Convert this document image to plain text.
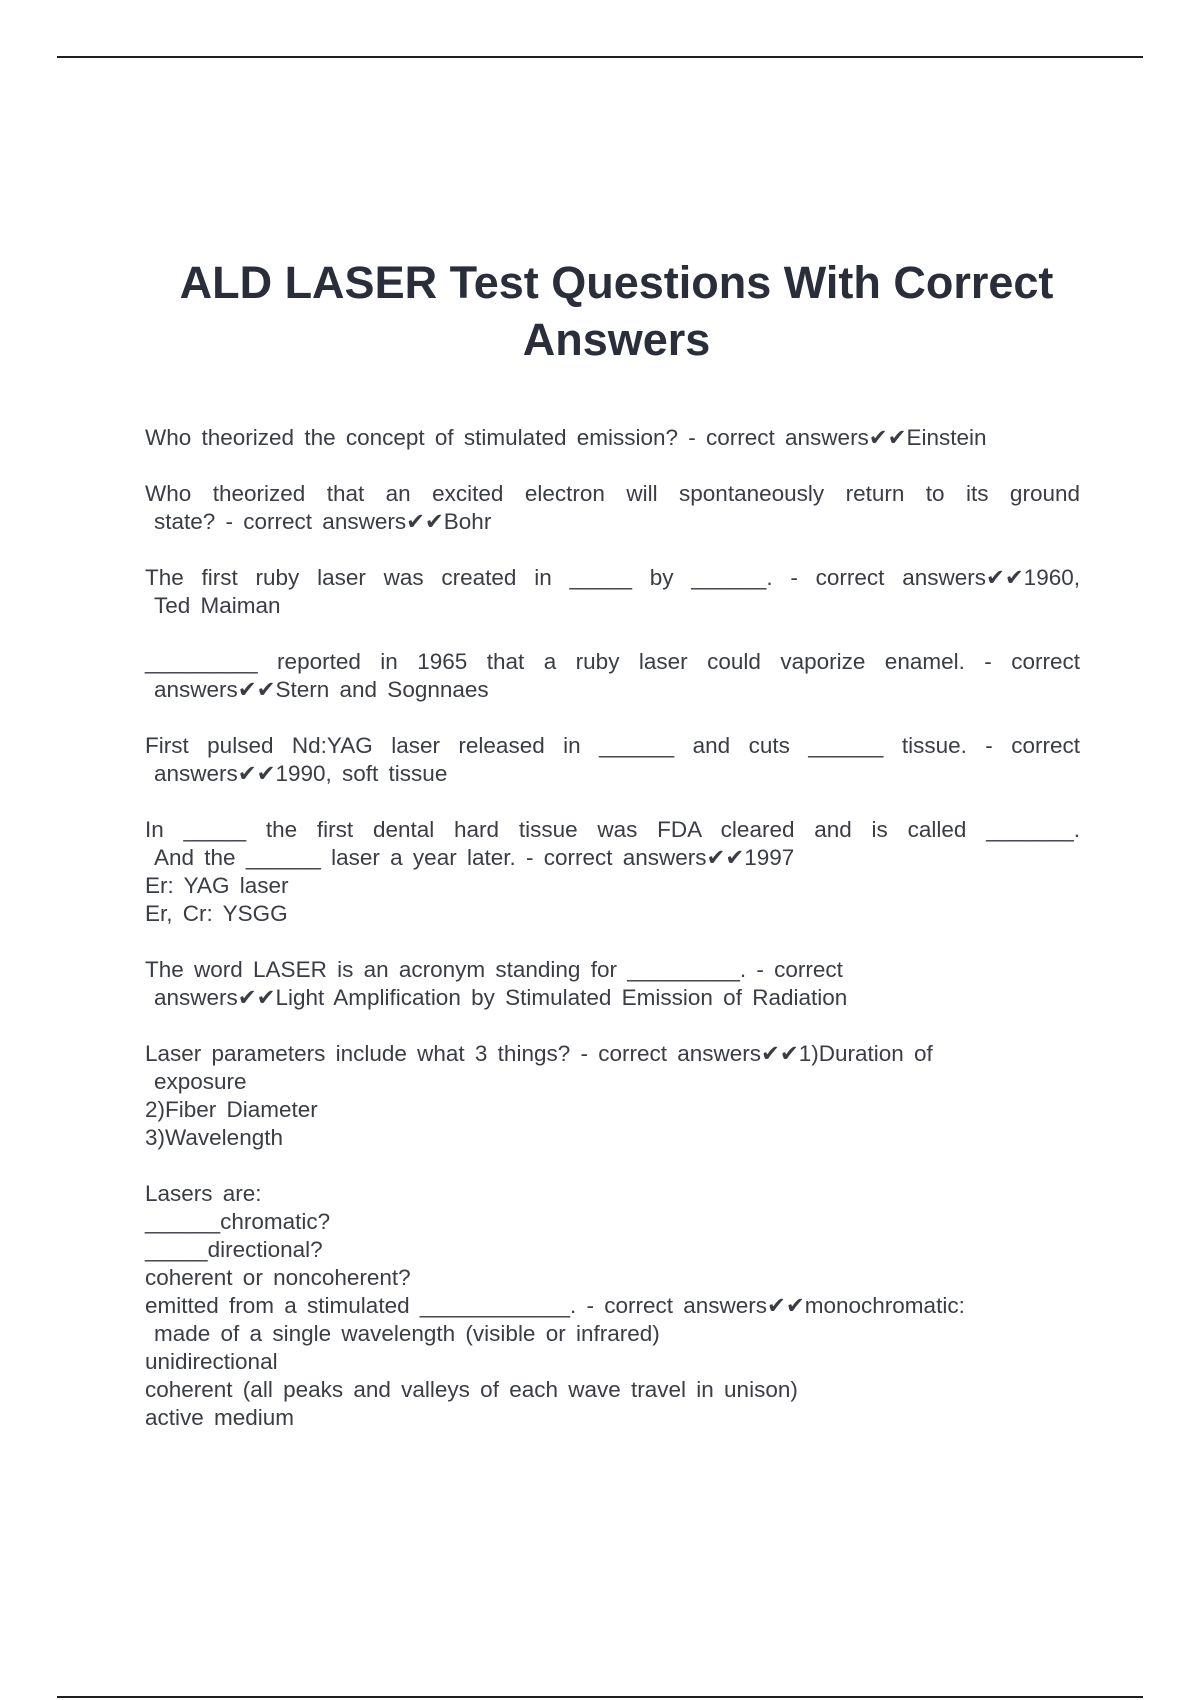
ALD LASER Test Questions With Correct
Answers
Who theorized the concept of stimulated emission? - correct answers✔✔Einstein
Who theorized that an excited electron will spontaneously return to its ground
state? - correct answers✔✔Bohr
The first ruby laser was created in _____ by ______. - correct answers✔✔1960,
Ted Maiman
_________ reported in 1965 that a ruby laser could vaporize enamel. - correct
answers✔✔Stern and Sognnaes
First pulsed Nd:YAG laser released in ______ and cuts ______ tissue. - correct
answers✔✔1990, soft tissue
In _____ the first dental hard tissue was FDA cleared and is called _______.
And the ______ laser a year later. - correct answers✔✔1997
Er: YAG laser
Er, Cr: YSGG
The word LASER is an acronym standing for _________. - correct
answers✔✔Light Amplification by Stimulated Emission of Radiation
Laser parameters include what 3 things? - correct answers✔✔1)Duration of
exposure
2)Fiber Diameter
3)Wavelength
Lasers are:
______chromatic?
_____directional?
coherent or noncoherent?
emitted from a stimulated ____________. - correct answers✔✔monochromatic:
made of a single wavelength (visible or infrared)
unidirectional
coherent (all peaks and valleys of each wave travel in unison)
active medium
